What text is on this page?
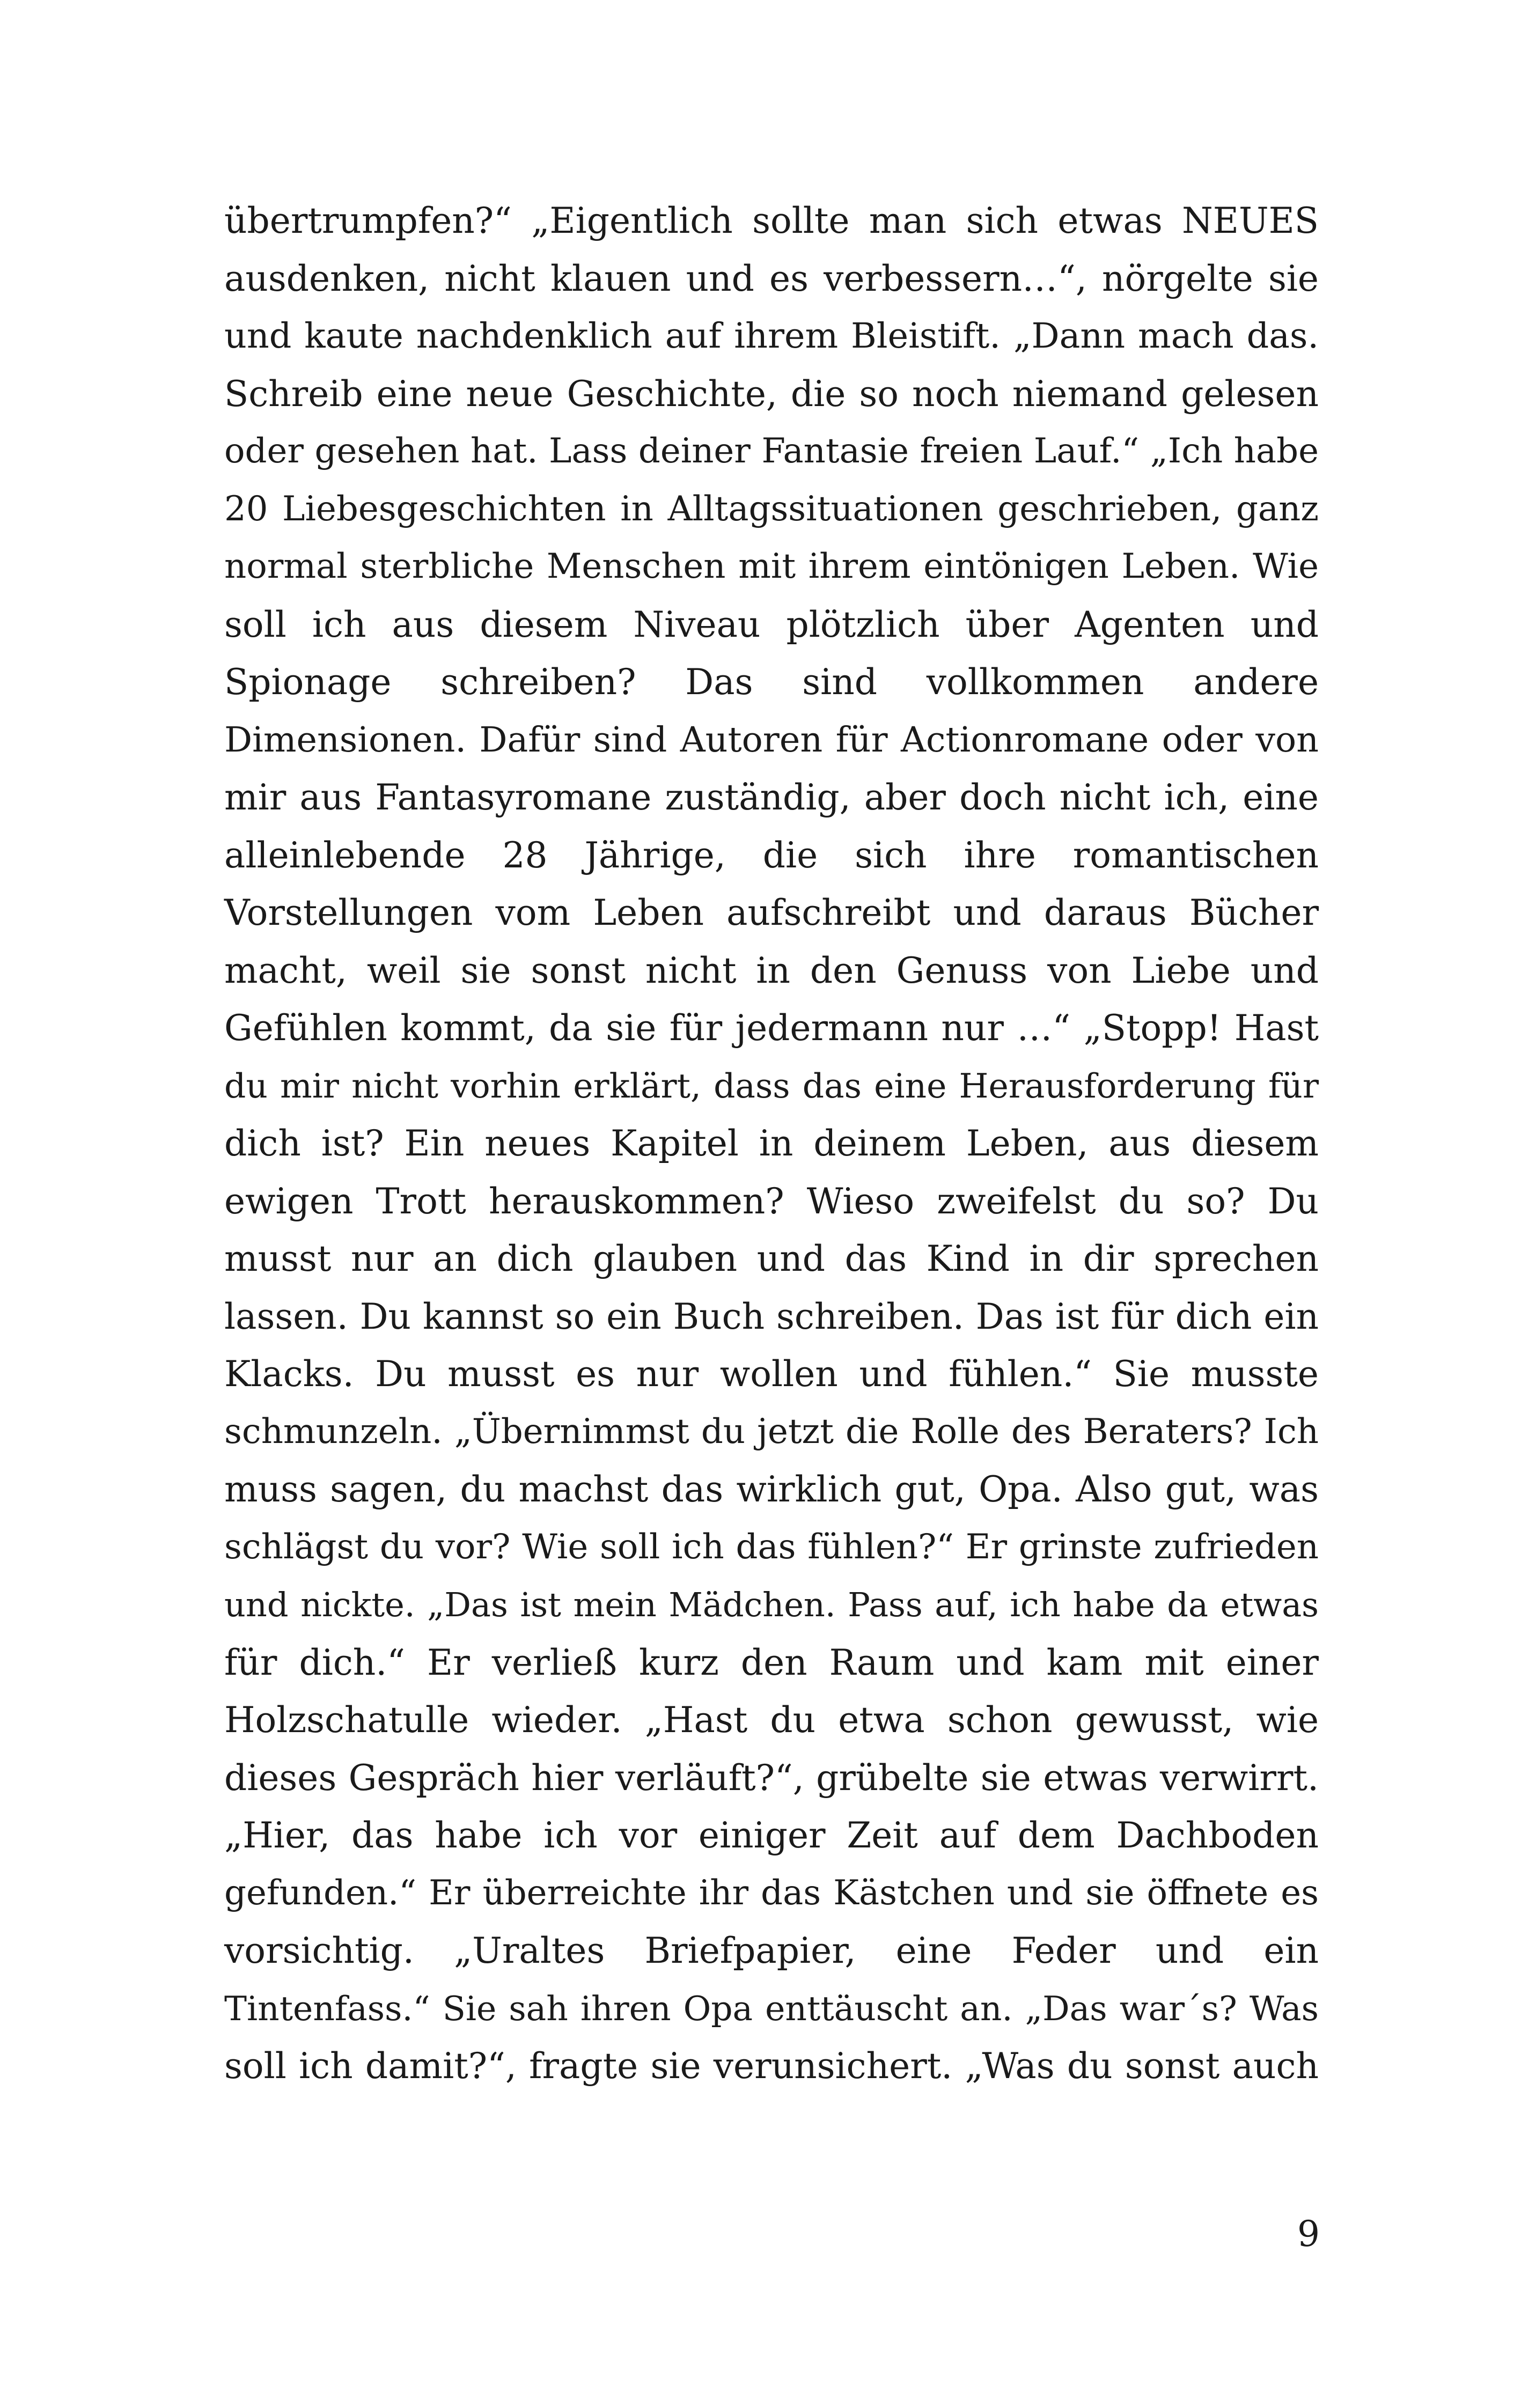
übertrumpfen?“ „Eigentlich sollte man sich etwas NEUES
ausdenken, nicht klauen und es verbessern…“, nörgelte sie
und kaute nachdenklich auf ihrem Bleistift. „Dann mach das.
Schreib eine neue Geschichte, die so noch niemand gelesen
oder gesehen hat. Lass deiner Fantasie freien Lauf.“ „Ich habe
20 Liebesgeschichten in Alltagssituationen geschrieben, ganz
normal sterbliche Menschen mit ihrem eintönigen Leben. Wie
soll ich aus diesem Niveau plötzlich über Agenten und
Spionage schreiben? Das sind vollkommen andere
Dimensionen. Dafür sind Autoren für Actionromane oder von
mir aus Fantasyromane zuständig, aber doch nicht ich, eine
alleinlebende 28 Jährige, die sich ihre romantischen
Vorstellungen vom Leben aufschreibt und daraus Bücher
macht, weil sie sonst nicht in den Genuss von Liebe und
Gefühlen kommt, da sie für jedermann nur …“ „Stopp! Hast
du mir nicht vorhin erklärt, dass das eine Herausforderung für
dich ist? Ein neues Kapitel in deinem Leben, aus diesem
ewigen Trott herauskommen? Wieso zweifelst du so? Du
musst nur an dich glauben und das Kind in dir sprechen
lassen. Du kannst so ein Buch schreiben. Das ist für dich ein
Klacks. Du musst es nur wollen und fühlen.“ Sie musste
schmunzeln. „Übernimmst du jetzt die Rolle des Beraters? Ich
muss sagen, du machst das wirklich gut, Opa. Also gut, was
schlägst du vor? Wie soll ich das fühlen?“ Er grinste zufrieden
und nickte. „Das ist mein Mädchen. Pass auf, ich habe da etwas
für dich.“ Er verließ kurz den Raum und kam mit einer
Holzschatulle wieder. „Hast du etwa schon gewusst, wie
dieses Gespräch hier verläuft?“, grübelte sie etwas verwirrt.
„Hier, das habe ich vor einiger Zeit auf dem Dachboden
gefunden.“ Er überreichte ihr das Kästchen und sie öffnete es
vorsichtig. „Uraltes Briefpapier, eine Feder und ein
Tintenfass.“ Sie sah ihren Opa enttäuscht an. „Das war´s? Was
soll ich damit?“, fragte sie verunsichert. „Was du sonst auch
9
